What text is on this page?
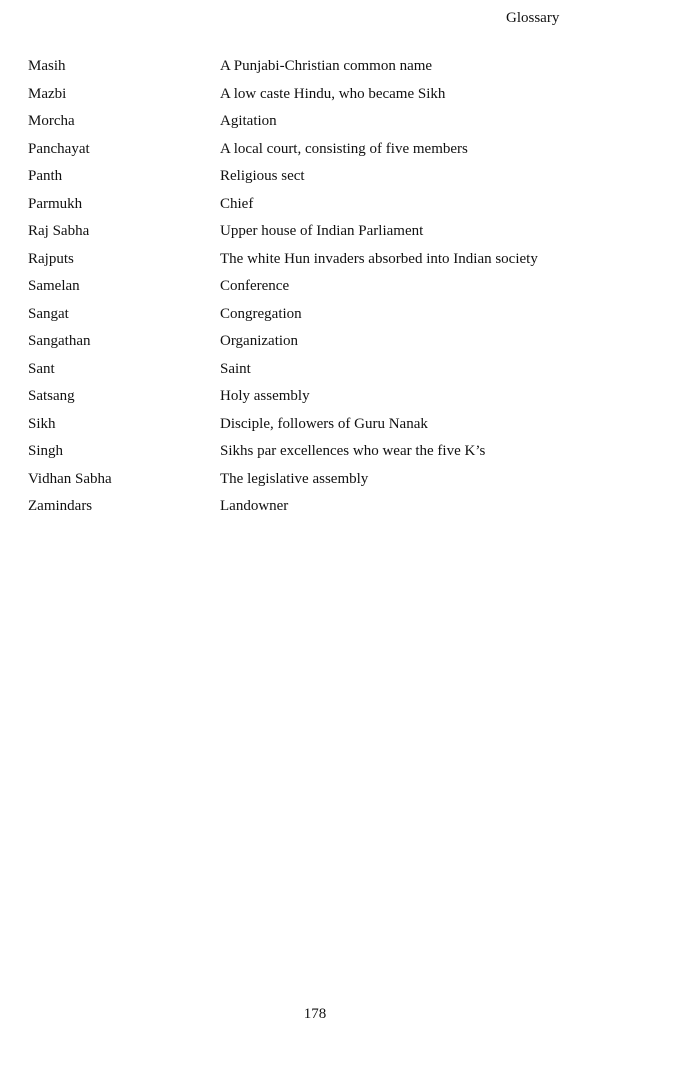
Glossary
Masih	A Punjabi-Christian common name
Mazbi	A low caste Hindu, who became Sikh
Morcha	Agitation
Panchayat	A local court, consisting of five members
Panth	Religious sect
Parmukh	Chief
Raj Sabha	Upper house of Indian Parliament
Rajputs	The white Hun invaders absorbed into Indian society
Samelan	Conference
Sangat	Congregation
Sangathan	Organization
Sant	Saint
Satsang	Holy assembly
Sikh	Disciple, followers of Guru Nanak
Singh	Sikhs par excellences who wear the five K’s
Vidhan Sabha	The legislative assembly
Zamindars	Landowner
178
